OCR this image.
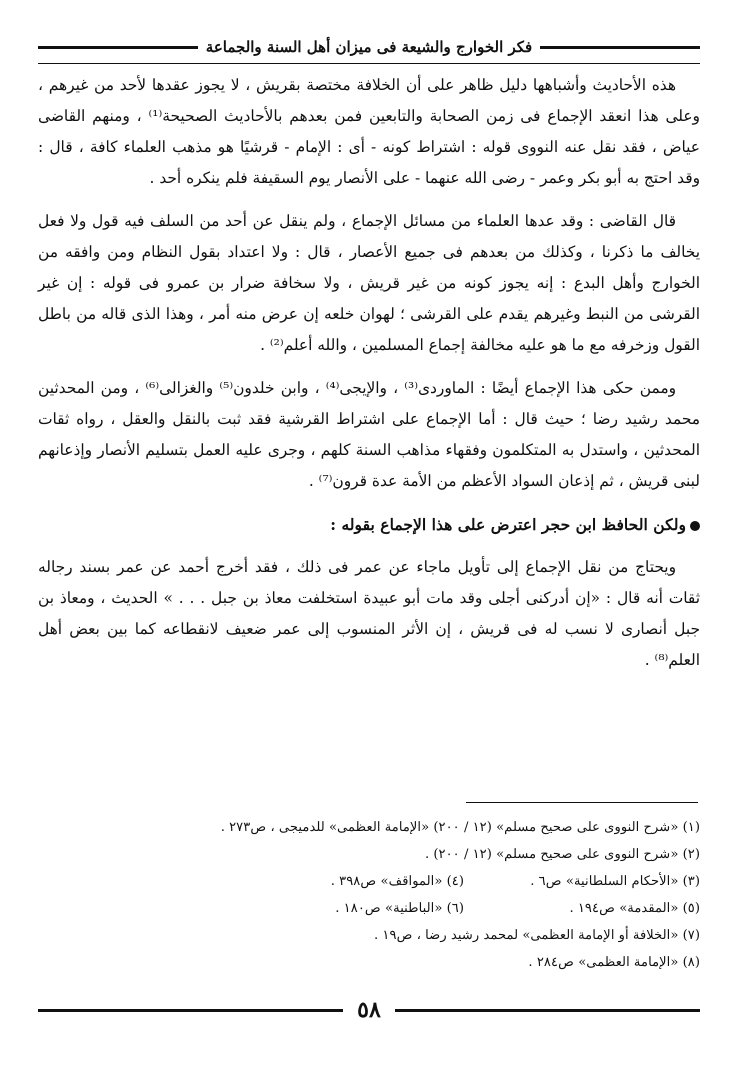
فكر الخوارج والشيعة فى ميزان أهل السنة والجماعة

هذه الأحاديث وأشباهها دليل ظاهر على أن الخلافة مختصة بقريش ، لا يجوز عقدها لأحد من غيرهم ، وعلى هذا انعقد الإجماع فى زمن الصحابة والتابعين فمن بعدهم بالأحاديث الصحيحة⁽¹⁾ ، ومنهم القاضى عياض ، فقد نقل عنه النووى قوله : اشتراط كونه - أى : الإمام - قرشيًا هو مذهب العلماء كافة ، قال : وقد احتج به أبو بكر وعمر - رضى الله عنهما - على الأنصار يوم السقيفة فلم ينكره أحد .

قال القاضى : وقد عدها العلماء من مسائل الإجماع ، ولم ينقل عن أحد من السلف فيه قول ولا فعل يخالف ما ذكرنا ، وكذلك من بعدهم فى جميع الأعصار ، قال : ولا اعتداد بقول النظام ومن وافقه من الخوارج وأهل البدع : إنه يجوز كونه من غير قريش ، ولا سخافة ضرار بن عمرو فى قوله : إن غير القرشى من النبط وغيرهم يقدم على القرشى ؛ لهوان خلعه إن عرض منه أمر ، وهذا الذى قاله من باطل القول وزخرفه مع ما هو عليه مخالفة إجماع المسلمين ، والله أعلم⁽²⁾ .

وممن حكى هذا الإجماع أيضًا : الماوردى⁽³⁾ ، والإيجى⁽⁴⁾ ، وابن خلدون⁽⁵⁾ والغزالى⁽⁶⁾ ، ومن المحدثين محمد رشيد رضا ؛ حيث قال : أما الإجماع على اشتراط القرشية فقد ثبت بالنقل والعقل ، رواه ثقات المحدثين ، واستدل به المتكلمون وفقهاء مذاهب السنة كلهم ، وجرى عليه العمل بتسليم الأنصار وإذعانهم لبنى قريش ، ثم إذعان السواد الأعظم من الأمة عدة قرون⁽⁷⁾ .

ولكن الحافظ ابن حجر اعترض على هذا الإجماع بقوله :

ويحتاج من نقل الإجماع إلى تأويل ماجاء عن عمر فى ذلك ، فقد أخرج أحمد عن عمر بسند رجاله ثقات أنه قال : «إن أدركنى أجلى وقد مات أبو عبيدة استخلفت معاذ بن جبل . . . » الحديث ، ومعاذ بن جبل أنصارى لا نسب له فى قريش ، إن الأثر المنسوب إلى عمر ضعيف لانقطاعه كما بين بعض أهل العلم⁽⁸⁾ .

(١) «شرح النووى على صحيح مسلم» (١٢ / ٢٠٠) «الإمامة العظمى» للدميجى ، ص٢٧٣ .
(٢) «شرح النووى على صحيح مسلم» (١٢ / ٢٠٠) .
(٣) «الأحكام السلطانية» ص٦ .
(٤) «المواقف» ص٣٩٨ .
(٥) «المقدمة» ص١٩٤ .
(٦) «الباطنية» ص١٨٠ .
(٧) «الخلافة أو الإمامة العظمى» لمحمد رشيد رضا ، ص١٩ .
(٨) «الإمامة العظمى» ص٢٨٤ .
٥٨
